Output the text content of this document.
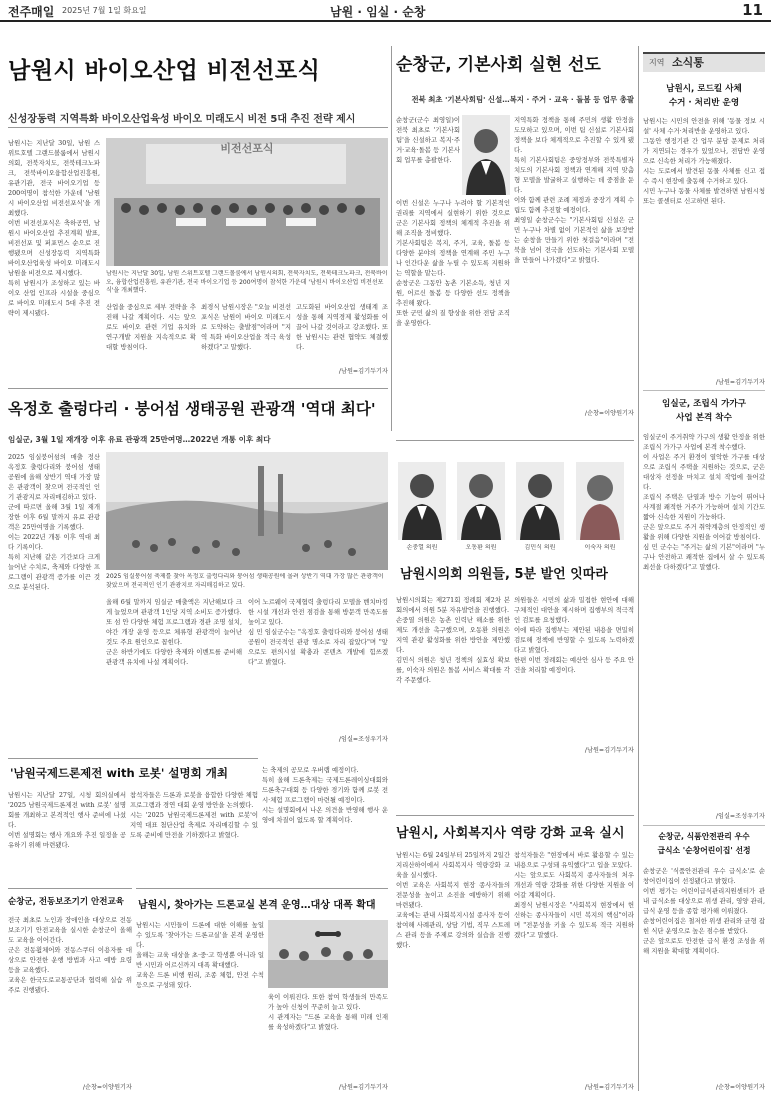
전주매일 2025년 7월 1일 화요일	남원 · 임실 · 순창	11
남원시 바이오산업 비전선포식
신성장동력 지역특화 바이오산업육성 바이오 미래도시 비전 5대 추진 전략 제시
남원시는 지난달 30일, 남원 스위트호텔 그랜드볼룸에서 남원시의회, 전북자치도, 전북테크노파크, 전북바이오융합산업진흥원, 유관기관, 전국 바이오기업 등 200여명이 참석한 가운데 '남원시 바이오산업 비전선포식'을 개최했다.
이번 비전선포식은 축하공연, 남원시 바이오산업 추진계획 발표, 비전선포 및 퍼포먼스 순으로 진행됐으며 신성장동력 지역특화 바이오산업육성 바이오 미래도시 남원을 비전으로 제시했다.
특히 남원시가 조성하고 있는 바이오 산업 인프라 시설을 중심으로 바이오 미래도시 5대 추진 전략이 제시됐다.
비전선포식
남원시는 지난달 30일, 남원 스위트호텔 그랜드볼룸에서 남원시의회, 전북자치도, 전북테크노파크, 전북바이오, 융합산업진흥원, 유관기관, 전국 바이오기업 등 200여명이 참석한 가운데 '남원시 바이오산업 비전선포식'을 개최했다.
산업을 중심으로 세부 전략을 추진해 나갈 계획이다. 시는 앞으로도 바이오 관련 기업 유치와 연구개발 지원을 지속적으로 확대할 방침이다.
최경식 남원시장은 "오늘 비전선포식은 남원이 바이오 미래도시로 도약하는 출발점"이라며 "지역 특화 바이오산업을 적극 육성하겠다"고 말했다.
고도화된 바이오산업 생태계 조성을 통해 지역경제 활성화를 이끌어 나갈 것이라고 강조했다. 또한 남원시는 관련 협약도 체결했다.
/남원=김기두기자
순창군, 기본사회 실현 선도
전북 최초 '기본사회팀' 신설…복지 · 주거 · 교육 · 돌봄 등 업무 총괄
순창군(군수 최영일)이 전북 최초로 '기본사회팀'을 신설하고 복지·주거·교육·돌봄 등 기본사회 업무를 총괄한다.
이번 신설은 누구나 누려야 할 기본적인 권리를 지역에서 실현하기 위한 것으로 군은 기본사회 정책의 체계적 추진을 위해 조직을 정비했다.
기본사회팀은 복지, 주거, 교육, 돌봄 등 다양한 분야의 정책을 연계해 주민 누구나 인간다운 삶을 누릴 수 있도록 지원하는 역할을 맡는다.
순창군은 그동안 농촌 기본소득, 청년 지원, 어르신 돌봄 등 다양한 선도 정책을 추진해 왔다.
또한 군민 삶의 질 향상을 위한 전담 조직을 운영한다.
지역특화 정책을 통해 주민의 생활 안정을 도모하고 있으며, 이번 팀 신설로 기본사회 정책을 보다 체계적으로 추진할 수 있게 됐다.
특히 기본사회팀은 중앙정부와 전북특별자치도의 기본사회 정책과 연계해 지역 맞춤형 모델을 발굴하고 실행하는 데 중점을 둔다.
이와 함께 관련 조례 제정과 중장기 계획 수립도 함께 추진할 예정이다.
최영일 순창군수는 "기본사회팀 신설은 군민 누구나 차별 없이 기본적인 삶을 보장받는 순창을 만들기 위한 첫걸음"이라며 "전북을 넘어 전국을 선도하는 기본사회 모델을 만들어 나가겠다"고 밝혔다.
/순창=이양원기자
옥정호 출렁다리 · 붕어섬 생태공원 관광객 '역대 최다'
임실군, 3월 1일 재개장 이후 유료 관광객 25만여명…2022년 개통 이후 최다
2025 임실붕어섬의 매출 정산 옥정호 출렁다리와 붕어섬 생태공원에 올해 상반기 역대 가장 많은 관광객이 찾으며 전국적인 인기 관광지로 자리매김하고 있다.
군에 따르면 올해 3월 1일 재개장한 이후 6월 말까지 유료 관광객은 25만여명을 기록했다.
이는 2022년 개통 이후 역대 최다 기록이다.
특히 지난해 같은 기간보다 크게 늘어난 수치로, 축제와 다양한 프로그램이 관광객 증가를 이끈 것으로 분석된다.
2025 임실붕어섬 축제를 찾아 옥정호 출렁다리와 붕어섬 생태공원에 몰려 상반기 역대 가장 많은 관광객이 찾았으며 전국적인 인기 관광지로 자리매김하고 있다.
올해 6월 말까지 임실군 매출액은 지난해보다 크게 늘었으며 관광객 1인당 지역 소비도 증가했다.
또 섬 안 다양한 체험 프로그램과 경관 조명 설치, 야간 개장 운영 등으로 체류형 관광객이 늘어난 것도 주요 원인으로 꼽힌다.
군은 하반기에도 다양한 축제와 이벤트를 준비해 관광객 유치에 나설 계획이다.
이어 노르웨이 국제협력 출렁다리 모델을 벤치마킹한 시설 개선과 안전 점검을 통해 방문객 만족도를 높이고 있다.
심 민 임실군수는 "옥정호 출렁다리와 붕어섬 생태공원이 전국적인 관광 명소로 자리 잡았다"며 "앞으로도 편의시설 확충과 콘텐츠 개발에 힘쓰겠다"고 밝혔다.
/임실=조성우기자
손중열 의원	오동환 의원	김민식 의원	이숙자 의원
남원시의회 의원들, 5분 발언 잇따라
남원시의회는 제271회 정례회 제2차 본회의에서 의원 5분 자유발언을 진행했다.
손중열 의원은 농촌 인력난 해소를 위한 제도 개선을 촉구했으며, 오동환 의원은 지역 관광 활성화를 위한 방안을 제안했다.
김민식 의원은 청년 정책의 실효성 확보를, 이숙자 의원은 돌봄 서비스 확대를 각각 주문했다.
의원들은 시민의 삶과 밀접한 현안에 대해 구체적인 대안을 제시하며 집행부의 적극적인 검토를 요청했다.
이에 따라 집행부는 제안된 내용을 면밀히 검토해 정책에 반영할 수 있도록 노력하겠다고 밝혔다.
한편 이번 정례회는 예산안 심사 등 주요 안건을 처리할 예정이다.
/남원=김기두기자
'남원국제드론제전 with 로봇' 설명회 개최
남원시는 지난달 27일, 시청 회의실에서 '2025 남원국제드론제전 with 로봇' 설명회를 개최하고 본격적인 행사 준비에 나섰다.
이번 설명회는 행사 개요와 추진 일정을 공유하기 위해 마련됐다.
참석자들은 드론과 로봇을 융합한 다양한 체험 프로그램과 경연 대회 운영 방안을 논의했다.
시는 '2025 남원국제드론제전 with 로봇'이 지역 대표 첨단산업 축제로 자리매김할 수 있도록 준비에 만전을 기하겠다고 밝혔다.
는 축제의 공모로 우버랩 예정이다.
특히 올해 드론축제는 국제드론레이싱대회와 드론축구대회 등 다양한 경기와 함께 로봇 전시·체험 프로그램이 마련될 예정이다.
시는 설명회에서 나온 의견을 반영해 행사 운영에 차질이 없도록 할 계획이다.
순창군, 전동보조기기 안전교육
전국 최초로 노인과 장애인을 대상으로 전동보조기기 안전교육을 실시한 순창군이 올해도 교육을 이어간다.
군은 전동휠체어와 전동스쿠터 이용자를 대상으로 안전한 운행 방법과 사고 예방 요령 등을 교육했다.
교육은 한국도로교통공단과 협력해 실습 위주로 진행됐다.
/순창=이양원기자
남원시, 찾아가는 드론교실 본격 운영…대상 대폭 확대
남원시는 시민들이 드론에 대한 이해를 높일 수 있도록 '찾아가는 드론교실'을 본격 운영한다.
올해는 교육 대상을 초·중·고 학생뿐 아니라 일반 시민과 어르신까지 대폭 확대했다.
교육은 드론 비행 원리, 조종 체험, 안전 수칙 등으로 구성돼 있다.
육이 이뤄진다. 또한 참여 학생들의 만족도가 높아 신청이 꾸준히 늘고 있다.
시 관계자는 "드론 교육을 통해 미래 인재를 육성하겠다"고 밝혔다.
/남원=김기두기자
남원시, 사회복지사 역량 강화 교육 실시
남원시는 6월 24일부터 25일까지 2일간 지리산하이에서 사회복지사 역량강화 교육을 실시했다.
이번 교육은 사회복지 현장 종사자들의 전문성을 높이고 소진을 예방하기 위해 마련됐다.
교육에는 관내 사회복지시설 종사자 등이 참여해 사례관리, 상담 기법, 직무 스트레스 관리 등을 주제로 강의와 실습을 진행했다.
참석자들은 "현장에서 바로 활용할 수 있는 내용으로 구성돼 유익했다"고 입을 모았다.
시는 앞으로도 사회복지 종사자들의 처우 개선과 역량 강화를 위한 다양한 지원을 이어갈 계획이다.
최경식 남원시장은 "사회복지 현장에서 헌신하는 종사자들이 시민 복지의 핵심"이라며 "전문성을 키울 수 있도록 적극 지원하겠다"고 말했다.
/남원=김기두기자
지역 소식통
남원시, 로드킬 사체
수거 · 처리반 운영
남원시는 시민의 안전을 위해 '동물 정보 시설' 사체 수거·처리반을 운영하고 있다.
그동안 행정기관 간 업무 분담 문제로 처리가 지연되는 경우가 있었으나, 전담반 운영으로 신속한 처리가 가능해졌다.
시는 도로에서 발견된 동물 사체를 신고 접수 즉시 현장에 출동해 수거하고 있다.
시민 누구나 동물 사체를 발견하면 남원시청 또는 콜센터로 신고하면 된다.
/남원=김기두기자
임실군, 조립식 가가구
사업 본격 착수
임실군이 주거취약 가구의 생활 안정을 위한 조립식 가가구 사업에 본격 착수했다.
이 사업은 주거 환경이 열악한 가구를 대상으로 조립식 주택을 지원하는 것으로, 군은 대상자 선정을 마치고 설치 작업에 들어갔다.
조립식 주택은 단열과 방수 기능이 뛰어나 사계절 쾌적한 거주가 가능하며 설치 기간도 짧아 신속한 지원이 가능하다.
군은 앞으로도 주거 취약계층의 안정적인 생활을 위해 다양한 지원을 이어갈 방침이다.
심 민 군수는 "주거는 삶의 기본"이라며 "누구나 안전하고 쾌적한 집에서 살 수 있도록 최선을 다하겠다"고 말했다.
/임실=조성우기자
순창군, 식품안전관리 우수
급식소 '순창어린이집' 선정
순창군은 '식품안전관리 우수 급식소'로 순창어린이집이 선정됐다고 밝혔다.
이번 평가는 어린이급식관리지원센터가 관내 급식소를 대상으로 위생 관리, 영양 관리, 급식 운영 등을 종합 평가해 이뤄졌다.
순창어린이집은 철저한 위생 관리와 균형 잡힌 식단 운영으로 높은 점수를 받았다.
군은 앞으로도 안전한 급식 환경 조성을 위해 지원을 확대할 계획이다.
/순창=이양원기자
